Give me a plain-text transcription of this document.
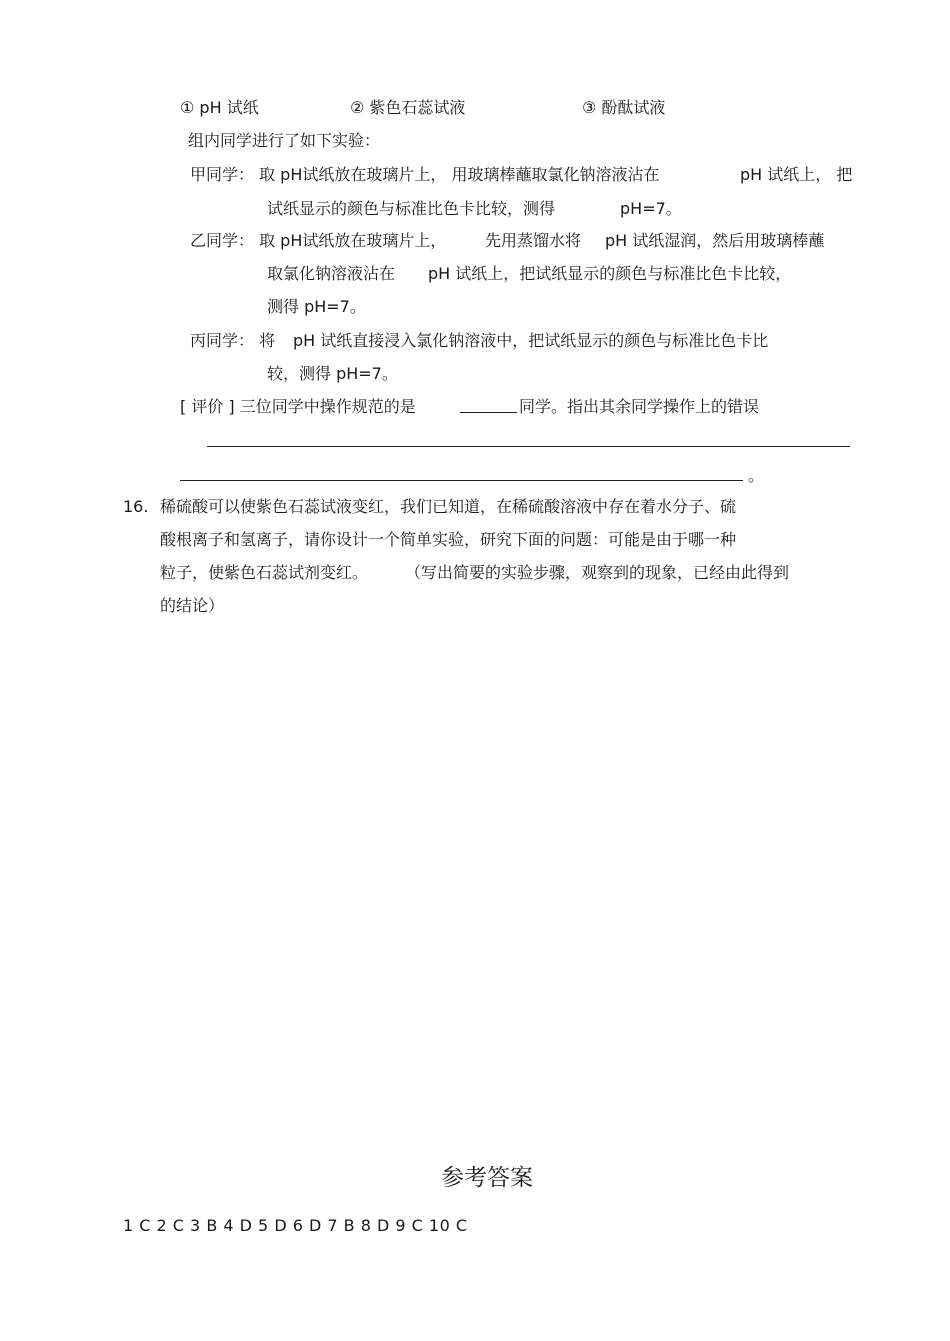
① pH 试纸	② 紫色石蕊试液	③ 酚酞试液
组内同学进行了如下实验：
甲同学： 取 pH试纸放在玻璃片上， 用玻璃棒蘸取氯化钠溶液沾在	pH 试纸上， 把
试纸显示的颜色与标准比色卡比较，测得	pH=7。
乙同学： 取 pH试纸放在玻璃片上， 先用蒸馏水将 pH 试纸湿润，然后用玻璃棒蘸
取氯化钠溶液沾在 pH 试纸上，把试纸显示的颜色与标准比色卡比较，
测得 pH=7。
丙同学： 将 pH 试纸直接浸入氯化钠溶液中，把试纸显示的颜色与标准比色卡比
较，测得 pH=7。
[ 评价 ] 三位同学中操作规范的是	同学。指出其余同学操作上的错误
。
16. 稀硫酸可以使紫色石蕊试液变红，我们已知道，在稀硫酸溶液中存在着水分子、硫
酸根离子和氢离子，请你设计一个简单实验，研究下面的问题：可能是由于哪一种
粒子，使紫色石蕊试剂变红。 （写出简要的实验步骤，观察到的现象，已经由此得到
的结论）
参考答案
1 C 2 C 3 B 4 D 5 D 6 D 7 B 8 D 9 C 10 C
